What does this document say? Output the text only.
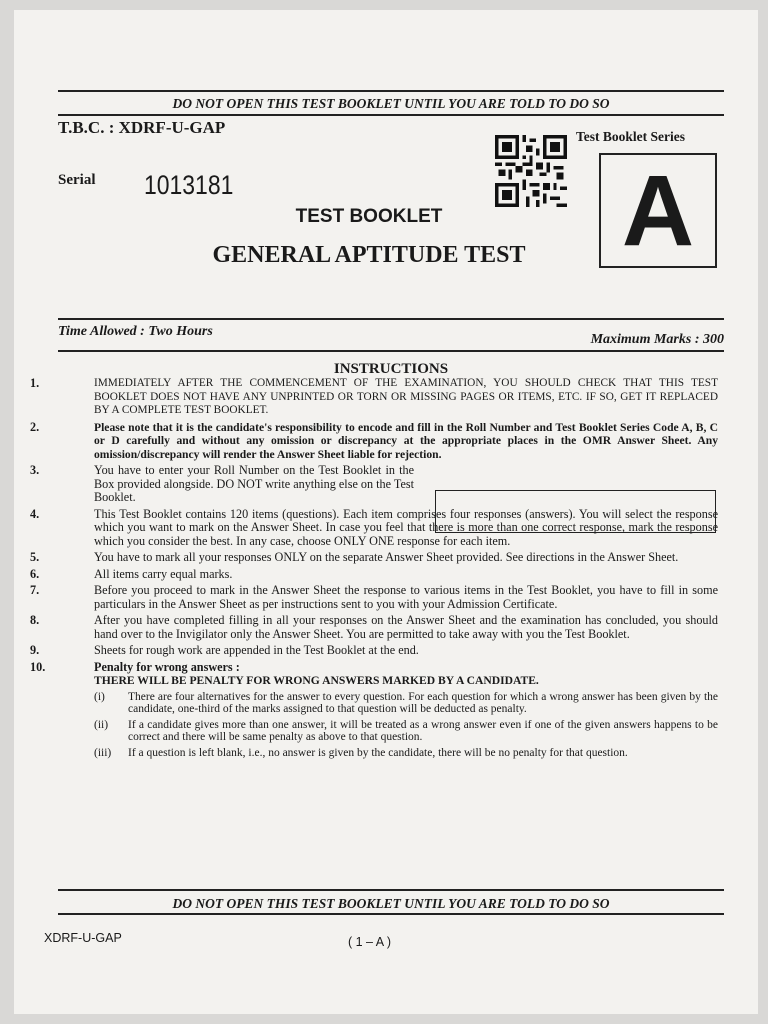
DO NOT OPEN THIS TEST BOOKLET UNTIL YOU ARE TOLD TO DO SO
T.B.C. : XDRF-U-GAP
Serial 1013181
Test Booklet Series
A
TEST BOOKLET
GENERAL APTITUDE TEST
Time Allowed : Two Hours
Maximum Marks : 300
INSTRUCTIONS
1.	IMMEDIATELY AFTER THE COMMENCEMENT OF THE EXAMINATION, YOU SHOULD CHECK THAT THIS TEST BOOKLET DOES NOT HAVE ANY UNPRINTED OR TORN OR MISSING PAGES OR ITEMS, ETC. IF SO, GET IT REPLACED BY A COMPLETE TEST BOOKLET.
2.	Please note that it is the candidate's responsibility to encode and fill in the Roll Number and Test Booklet Series Code A, B, C or D carefully and without any omission or discrepancy at the appropriate places in the OMR Answer Sheet. Any omission/discrepancy will render the Answer Sheet liable for rejection.
3.	You have to enter your Roll Number on the Test Booklet in the Box provided alongside. DO NOT write anything else on the Test Booklet.
4.	This Test Booklet contains 120 items (questions). Each item comprises four responses (answers). You will select the response which you want to mark on the Answer Sheet. In case you feel that there is more than one correct response, mark the response which you consider the best. In any case, choose ONLY ONE response for each item.
5.	You have to mark all your responses ONLY on the separate Answer Sheet provided. See directions in the Answer Sheet.
6.	All items carry equal marks.
7.	Before you proceed to mark in the Answer Sheet the response to various items in the Test Booklet, you have to fill in some particulars in the Answer Sheet as per instructions sent to you with your Admission Certificate.
8.	After you have completed filling in all your responses on the Answer Sheet and the examination has concluded, you should hand over to the Invigilator only the Answer Sheet. You are permitted to take away with you the Test Booklet.
9.	Sheets for rough work are appended in the Test Booklet at the end.
10.	Penalty for wrong answers :
THERE WILL BE PENALTY FOR WRONG ANSWERS MARKED BY A CANDIDATE.
(i)	There are four alternatives for the answer to every question. For each question for which a wrong answer has been given by the candidate, one-third of the marks assigned to that question will be deducted as penalty.
(ii)	If a candidate gives more than one answer, it will be treated as a wrong answer even if one of the given answers happens to be correct and there will be same penalty as above to that question.
(iii)	If a question is left blank, i.e., no answer is given by the candidate, there will be no penalty for that question.
DO NOT OPEN THIS TEST BOOKLET UNTIL YOU ARE TOLD TO DO SO
XDRF-U-GAP	( 1 – A )
